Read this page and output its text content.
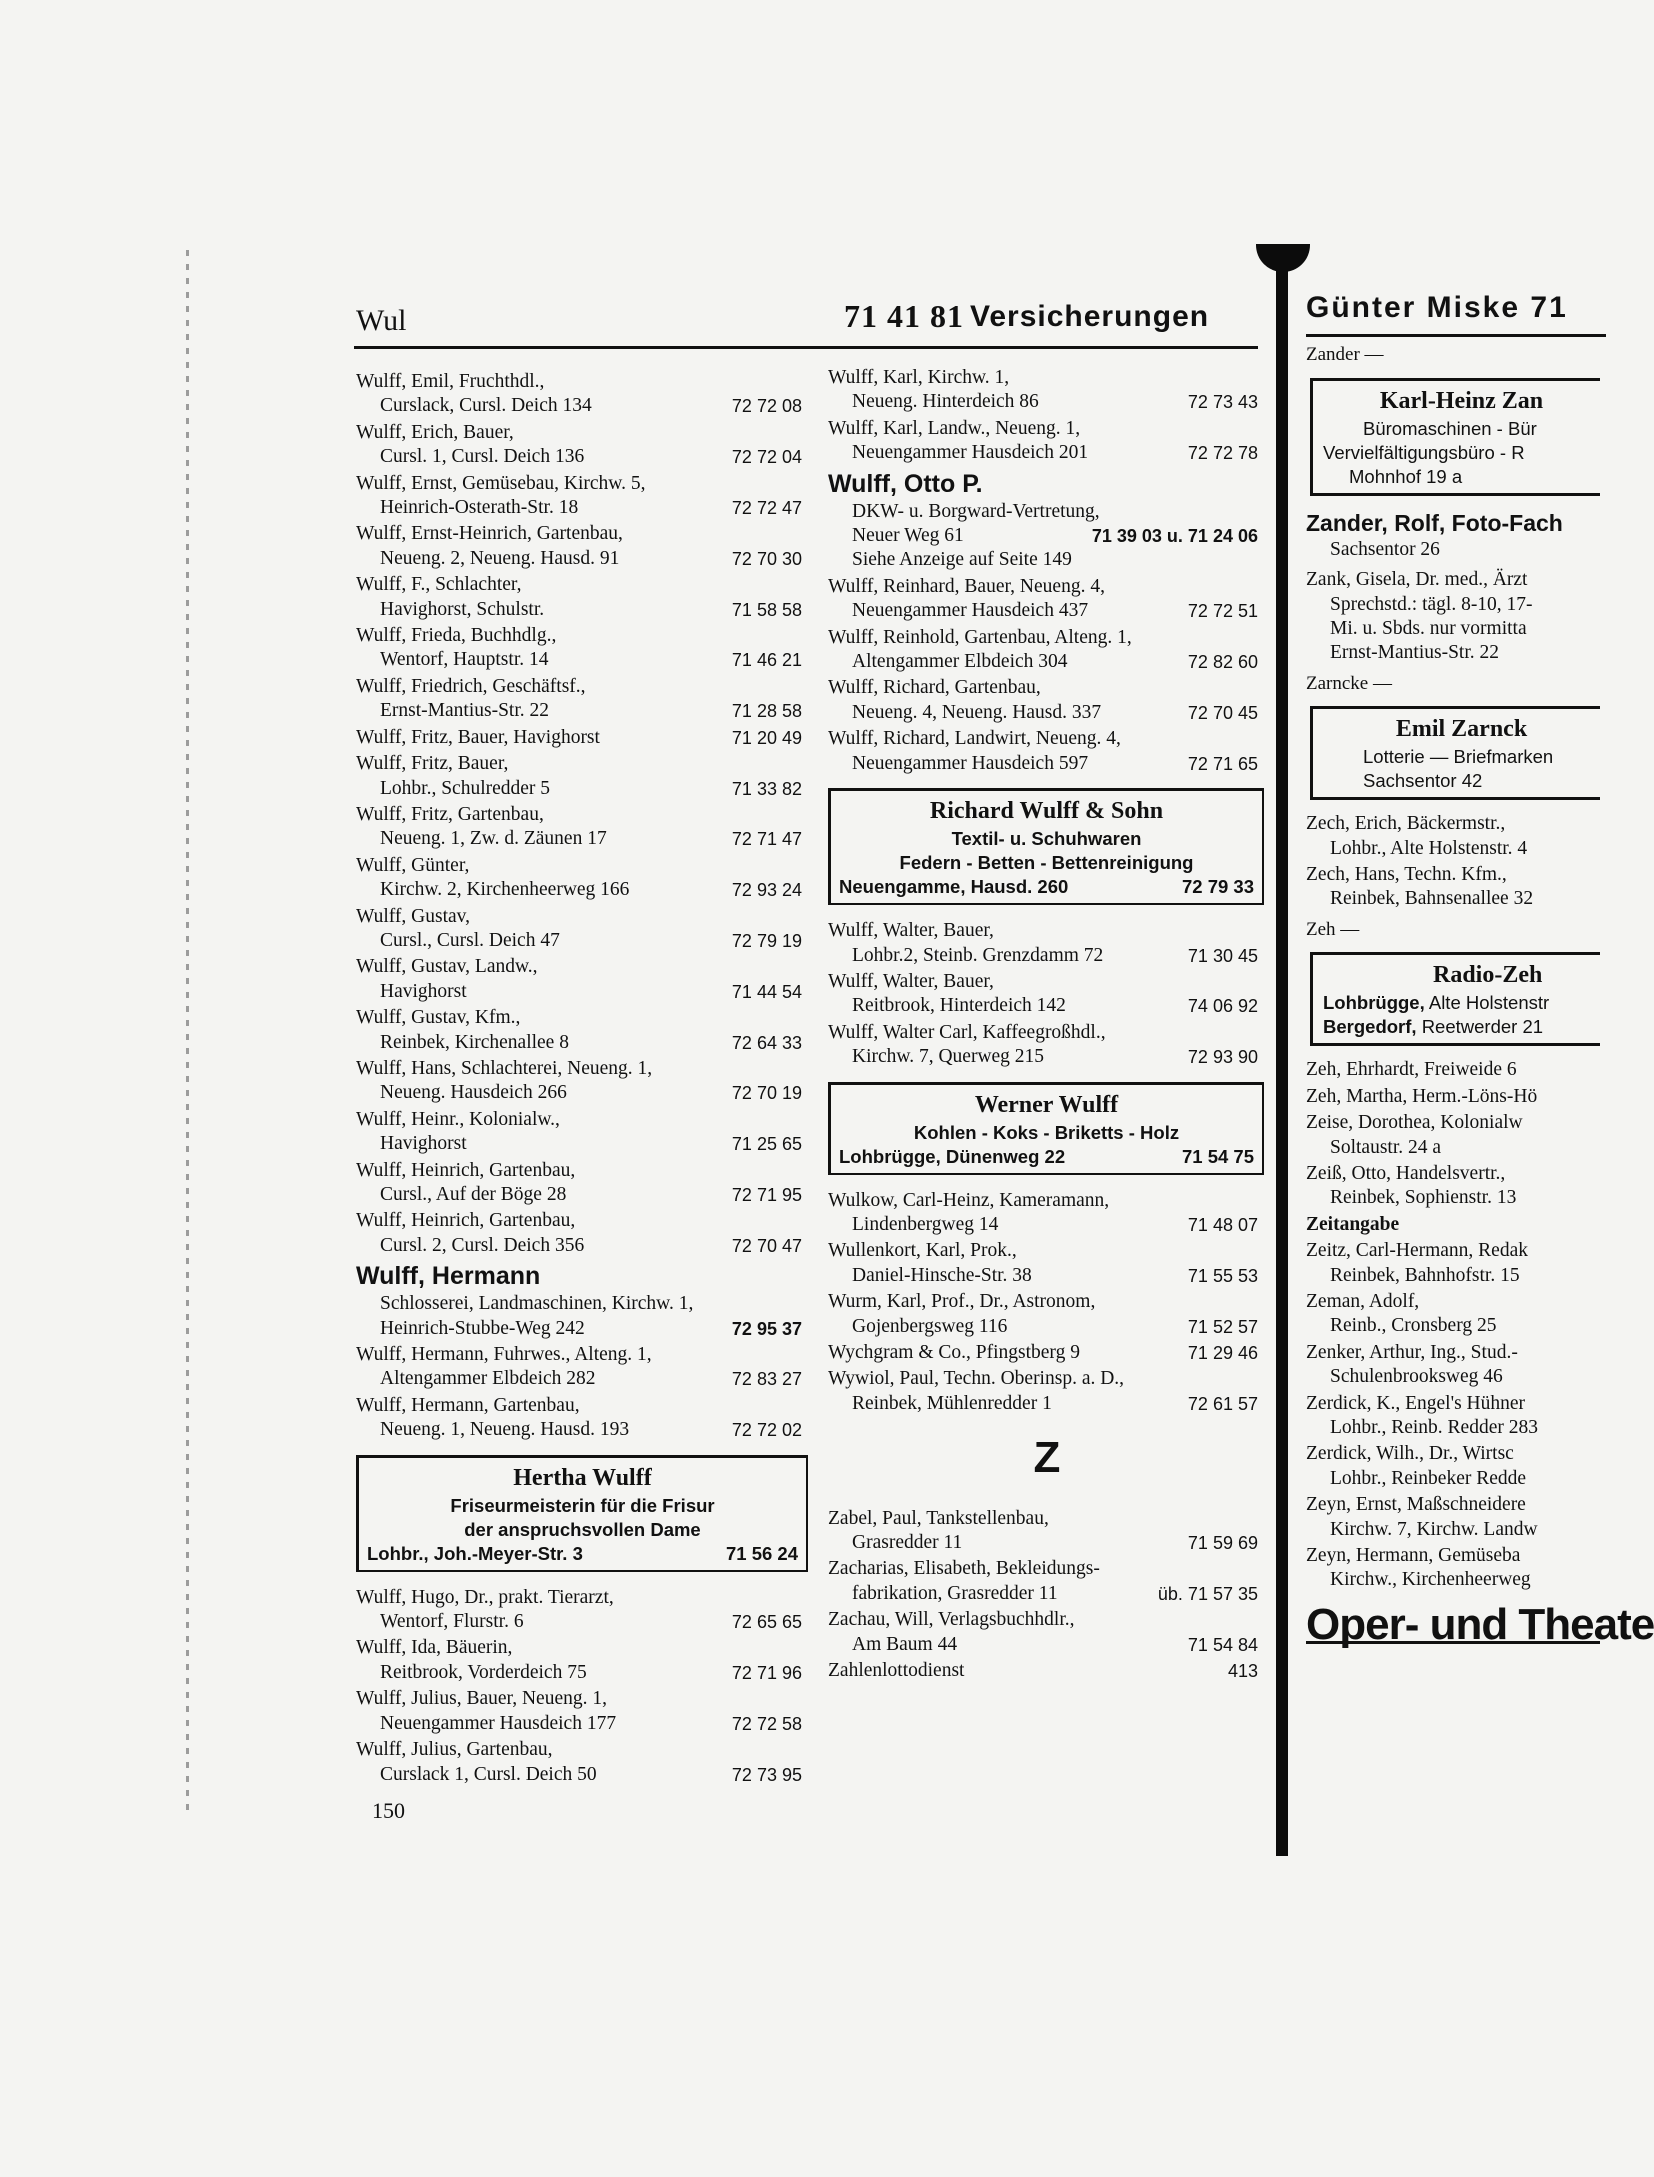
Wul	71 41 81 Versicherungen
Wulff, Emil, Fruchthdl.,
Curslack, Cursl. Deich 134	72 72 08
Wulff, Erich, Bauer,
Cursl. 1, Cursl. Deich 136	72 72 04
Wulff, Ernst, Gemüsebau, Kirchw. 5,
Heinrich-Osterath-Str. 18	72 72 47
Wulff, Ernst-Heinrich, Gartenbau,
Neueng. 2, Neueng. Hausd. 91	72 70 30
Wulff, F., Schlachter,
Havighorst, Schulstr.	71 58 58
Wulff, Frieda, Buchhdlg.,
Wentorf, Hauptstr. 14	71 46 21
Wulff, Friedrich, Geschäftsf.,
Ernst-Mantius-Str. 22	71 28 58
Wulff, Fritz, Bauer, Havighorst	71 20 49
Wulff, Fritz, Bauer,
Lohbr., Schulredder 5	71 33 82
Wulff, Fritz, Gartenbau,
Neueng. 1, Zw. d. Zäunen 17	72 71 47
Wulff, Günter,
Kirchw. 2, Kirchenheerweg 166	72 93 24
Wulff, Gustav,
Cursl., Cursl. Deich 47	72 79 19
Wulff, Gustav, Landw.,
Havighorst	71 44 54
Wulff, Gustav, Kfm.,
Reinbek, Kirchenallee 8	72 64 33
Wulff, Hans, Schlachterei, Neueng. 1,
Neueng. Hausdeich 266	72 70 19
Wulff, Heinr., Kolonialw.,
Havighorst	71 25 65
Wulff, Heinrich, Gartenbau,
Cursl., Auf der Böge 28	72 71 95
Wulff, Heinrich, Gartenbau,
Cursl. 2, Cursl. Deich 356	72 70 47
Wulff, Hermann
Schlosserei, Landmaschinen, Kirchw. 1,
Heinrich-Stubbe-Weg 242	72 95 37
Wulff, Hermann, Fuhrwes., Alteng. 1,
Altengammer Elbdeich 282	72 83 27
Wulff, Hermann, Gartenbau,
Neueng. 1, Neueng. Hausd. 193	72 72 02
Hertha Wulff
Friseurmeisterin für die Frisur
der anspruchsvollen Dame
Lohbr., Joh.-Meyer-Str. 3	71 56 24
Wulff, Hugo, Dr., prakt. Tierarzt,
Wentorf, Flurstr. 6	72 65 65
Wulff, Ida, Bäuerin,
Reitbrook, Vorderdeich 75	72 71 96
Wulff, Julius, Bauer, Neueng. 1,
Neuengammer Hausdeich 177	72 72 58
Wulff, Julius, Gartenbau,
Curslack 1, Cursl. Deich 50	72 73 95
150
Wulff, Karl, Kirchw. 1,
Neueng. Hinterdeich 86	72 73 43
Wulff, Karl, Landw., Neueng. 1,
Neuengammer Hausdeich 201	72 72 78
Wulff, Otto P.
DKW- u. Borgward-Vertretung,
Neuer Weg 61	71 39 03 u. 71 24 06
Siehe Anzeige auf Seite 149
Wulff, Reinhard, Bauer, Neueng. 4,
Neuengammer Hausdeich 437	72 72 51
Wulff, Reinhold, Gartenbau, Alteng. 1,
Altengammer Elbdeich 304	72 82 60
Wulff, Richard, Gartenbau,
Neueng. 4, Neueng. Hausd. 337	72 70 45
Wulff, Richard, Landwirt, Neueng. 4,
Neuengammer Hausdeich 597	72 71 65
Richard Wulff & Sohn
Textil- u. Schuhwaren
Federn - Betten - Bettenreinigung
Neuengamme, Hausd. 260	72 79 33
Wulff, Walter, Bauer,
Lohbr.2, Steinb. Grenzdamm 72	71 30 45
Wulff, Walter, Bauer,
Reitbrook, Hinterdeich 142	74 06 92
Wulff, Walter Carl, Kaffeegroßhdl.,
Kirchw. 7, Querweg 215	72 93 90
Werner Wulff
Kohlen - Koks - Briketts - Holz
Lohbrügge, Dünenweg 22	71 54 75
Wulkow, Carl-Heinz, Kameramann,
Lindenbergweg 14	71 48 07
Wullenkort, Karl, Prok.,
Daniel-Hinsche-Str. 38	71 55 53
Wurm, Karl, Prof., Dr., Astronom,
Gojenbergsweg 116	71 52 57
Wychgram & Co., Pfingstberg 9	71 29 46
Wywiol, Paul, Techn. Oberinsp. a. D.,
Reinbek, Mühlenredder 1	72 61 57
Z
Zabel, Paul, Tankstellenbau,
Grasredder 11	71 59 69
Zacharias, Elisabeth, Bekleidungs-
fabrikation, Grasredder 11	üb. 71 57 35
Zachau, Will, Verlagsbuchhdlr.,
Am Baum 44	71 54 84
Zahlenlottodienst	413
Günter Miske 71
Zander —
Karl-Heinz Zan
Büromaschinen - Bür
Vervielfältigungsbüro - R
Mohnhof 19 a
Zander, Rolf, Foto-Fach
Sachsentor 26
Zank, Gisela, Dr. med., Ärzt
Sprechstd.: tägl. 8-10, 17-
Mi. u. Sbds. nur vormitta
Ernst-Mantius-Str. 22
Zarncke —
Emil Zarnck
Lotterie — Briefmarken
Sachsentor 42
Zech, Erich, Bäckermstr.,
Lohbr., Alte Holstenstr. 4
Zech, Hans, Techn. Kfm.,
Reinbek, Bahnsenallee 32
Zeh —
Radio-Zeh
Lohbrügge, Alte Holstenstr
Bergedorf, Reetwerder 21
Zeh, Ehrhardt, Freiweide 6
Zeh, Martha, Herm.-Löns-Hö
Zeise, Dorothea, Kolonialw
Soltaustr. 24 a
Zeiß, Otto, Handelsvertr.,
Reinbek, Sophienstr. 13
Zeitangabe
Zeitz, Carl-Hermann, Redak
Reinbek, Bahnhofstr. 15
Zeman, Adolf,
Reinb., Cronsberg 25
Zenker, Arthur, Ing., Stud.-
Schulenbrooksweg 46
Zerdick, K., Engel's Hühner
Lohbr., Reinb. Redder 283
Zerdick, Wilh., Dr., Wirtsc
Lohbr., Reinbeker Redde
Zeyn, Ernst, Maßschneidere
Kirchw. 7, Kirchw. Landw
Zeyn, Hermann, Gemüseba
Kirchw., Kirchenheerweg
Oper- und Theate
